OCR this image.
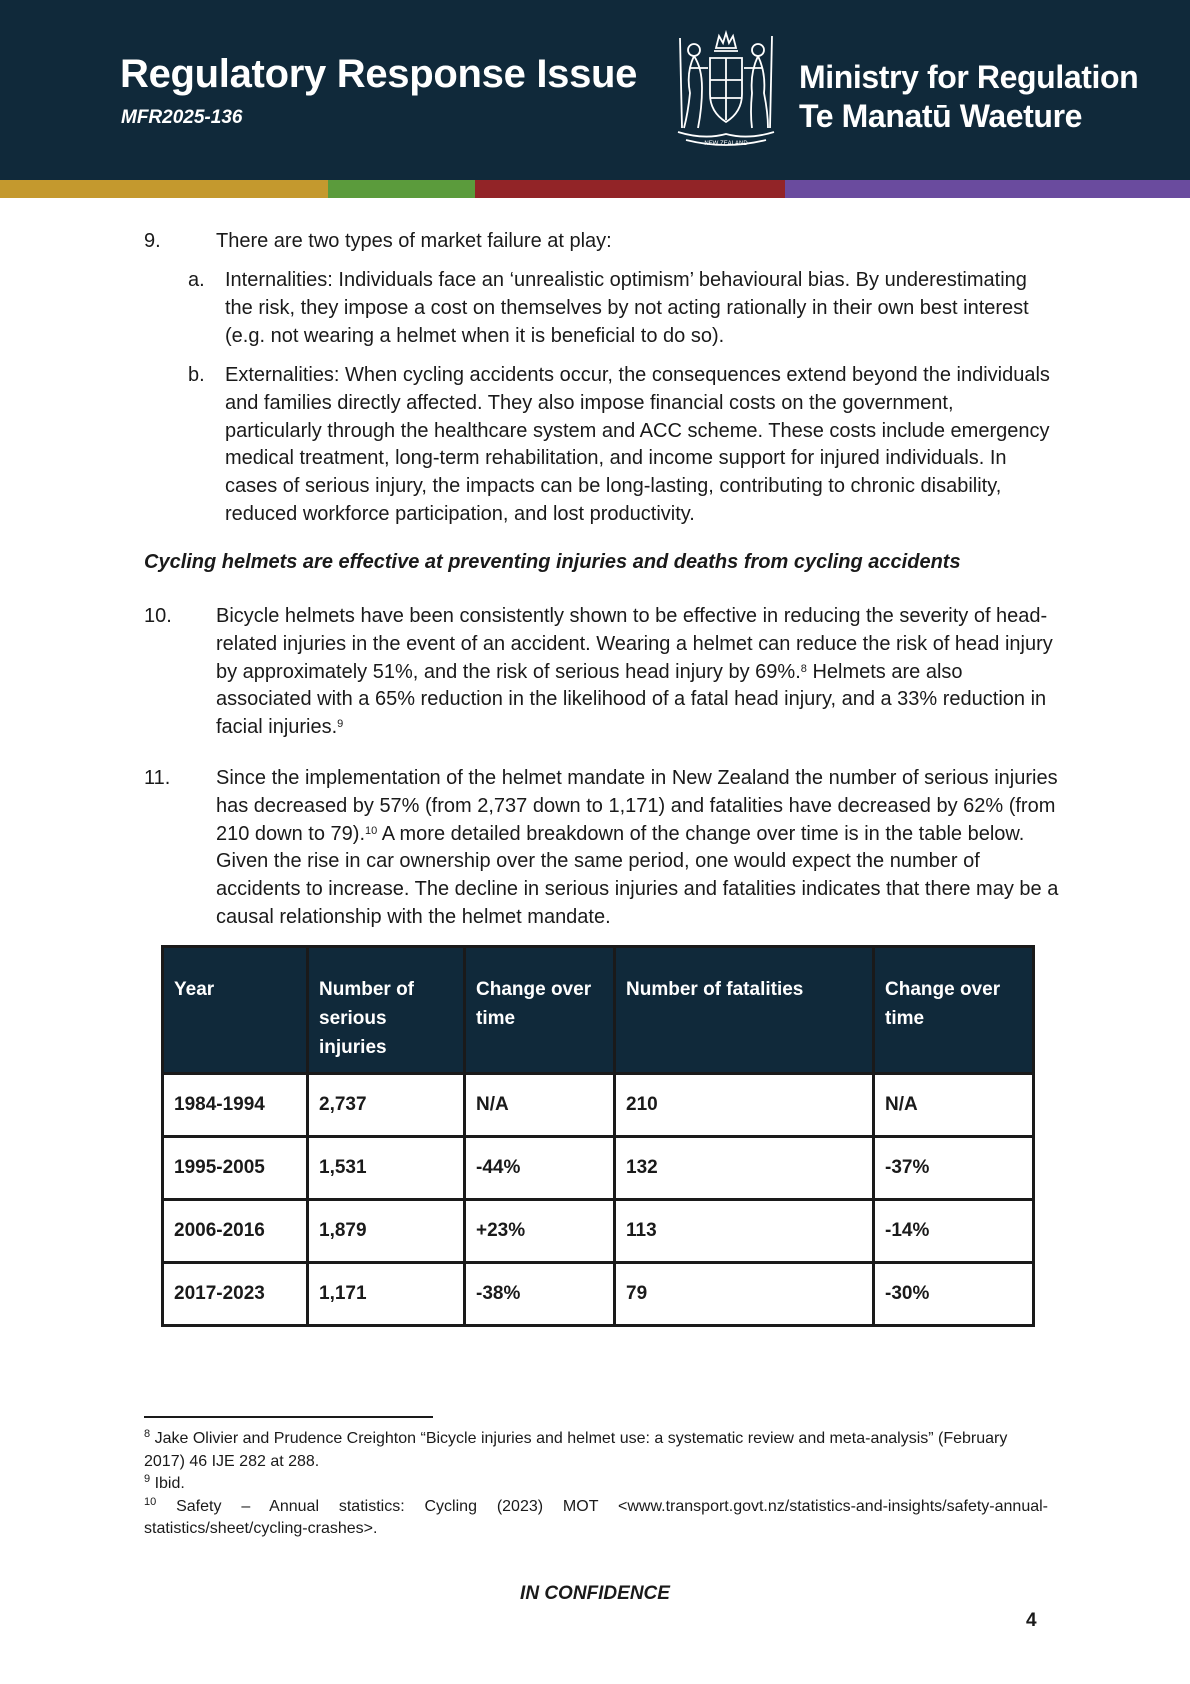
Regulatory Response Issue
MFR2025-136
NEW ZEALAND
Ministry for Regulation
Te Manatū Waeture
9.	There are two types of market failure at play:
a. Internalities: Individuals face an ‘unrealistic optimism’ behavioural bias. By underestimating the risk, they impose a cost on themselves by not acting rationally in their own best interest (e.g. not wearing a helmet when it is beneficial to do so).
b. Externalities: When cycling accidents occur, the consequences extend beyond the individuals and families directly affected. They also impose financial costs on the government, particularly through the healthcare system and ACC scheme. These costs include emergency medical treatment, long-term rehabilitation, and income support for injured individuals. In cases of serious injury, the impacts can be long-lasting, contributing to chronic disability, reduced workforce participation, and lost productivity.
Cycling helmets are effective at preventing injuries and deaths from cycling accidents
10. Bicycle helmets have been consistently shown to be effective in reducing the severity of head-related injuries in the event of an accident. Wearing a helmet can reduce the risk of head injury by approximately 51%, and the risk of serious head injury by 69%.$^8$ Helmets are also associated with a 65% reduction in the likelihood of a fatal head injury, and a 33% reduction in facial injuries.$^9$
11. Since the implementation of the helmet mandate in New Zealand the number of serious injuries has decreased by 57% (from 2,737 down to 1,171) and fatalities have decreased by 62% (from 210 down to 79).$^{10}$ A more detailed breakdown of the change over time is in the table below. Given the rise in car ownership over the same period, one would expect the number of accidents to increase. The decline in serious injuries and fatalities indicates that there may be a causal relationship with the helmet mandate.
Year	Number of serious injuries	Change over time	Number of fatalities	Change over time
1984-1994	2,737	N/A	210	N/A
1995-2005	1,531	-44%	132	-37%
2006-2016	1,879	+23%	113	-14%
2017-2023	1,171	-38%	79	-30%

$^8$ Jake Olivier and Prudence Creighton “Bicycle injuries and helmet use: a systematic review and meta-analysis” (February 2017) 46 IJE 282 at 288.

$^9$ Ibid.

$^{10}$ Safety – Annual statistics: Cycling (2023) MOT <www.transport.govt.nz/statistics-and-insights/safety-annual-statistics/sheet/cycling-crashes>.

IN CONFIDENCE
4
